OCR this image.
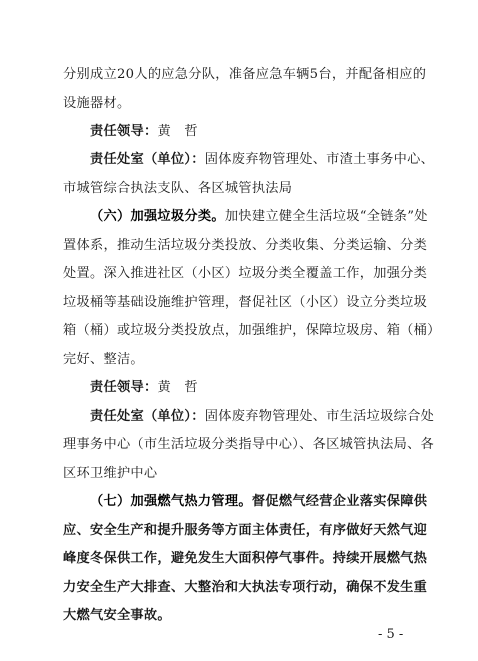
分别成立20人的应急分队，准备应急车辆5台，并配备相应的
设施器材。
责任领导：黄　哲
责任处室（单位）：固体废弃物管理处、市渣土事务中心、
市城管综合执法支队、各区城管执法局
（六）加强垃圾分类。加快建立健全生活垃圾“全链条”处
置体系，推动生活垃圾分类投放、分类收集、分类运输、分类
处置。深入推进社区（小区）垃圾分类全覆盖工作，加强分类
垃圾桶等基础设施维护管理，督促社区（小区）设立分类垃圾
箱（桶）或垃圾分类投放点，加强维护，保障垃圾房、箱（桶）
完好、整洁。
责任领导：黄　哲
责任处室（单位）：固体废弃物管理处、市生活垃圾综合处
理事务中心（市生活垃圾分类指导中心）、各区城管执法局、各
区环卫维护中心
（七）加强燃气热力管理。督促燃气经营企业落实保障供
应、安全生产和提升服务等方面主体责任，有序做好天然气迎
峰度冬保供工作，避免发生大面积停气事件。持续开展燃气热
力安全生产大排查、大整治和大执法专项行动，确保不发生重
大燃气安全事故。
- 5 -
